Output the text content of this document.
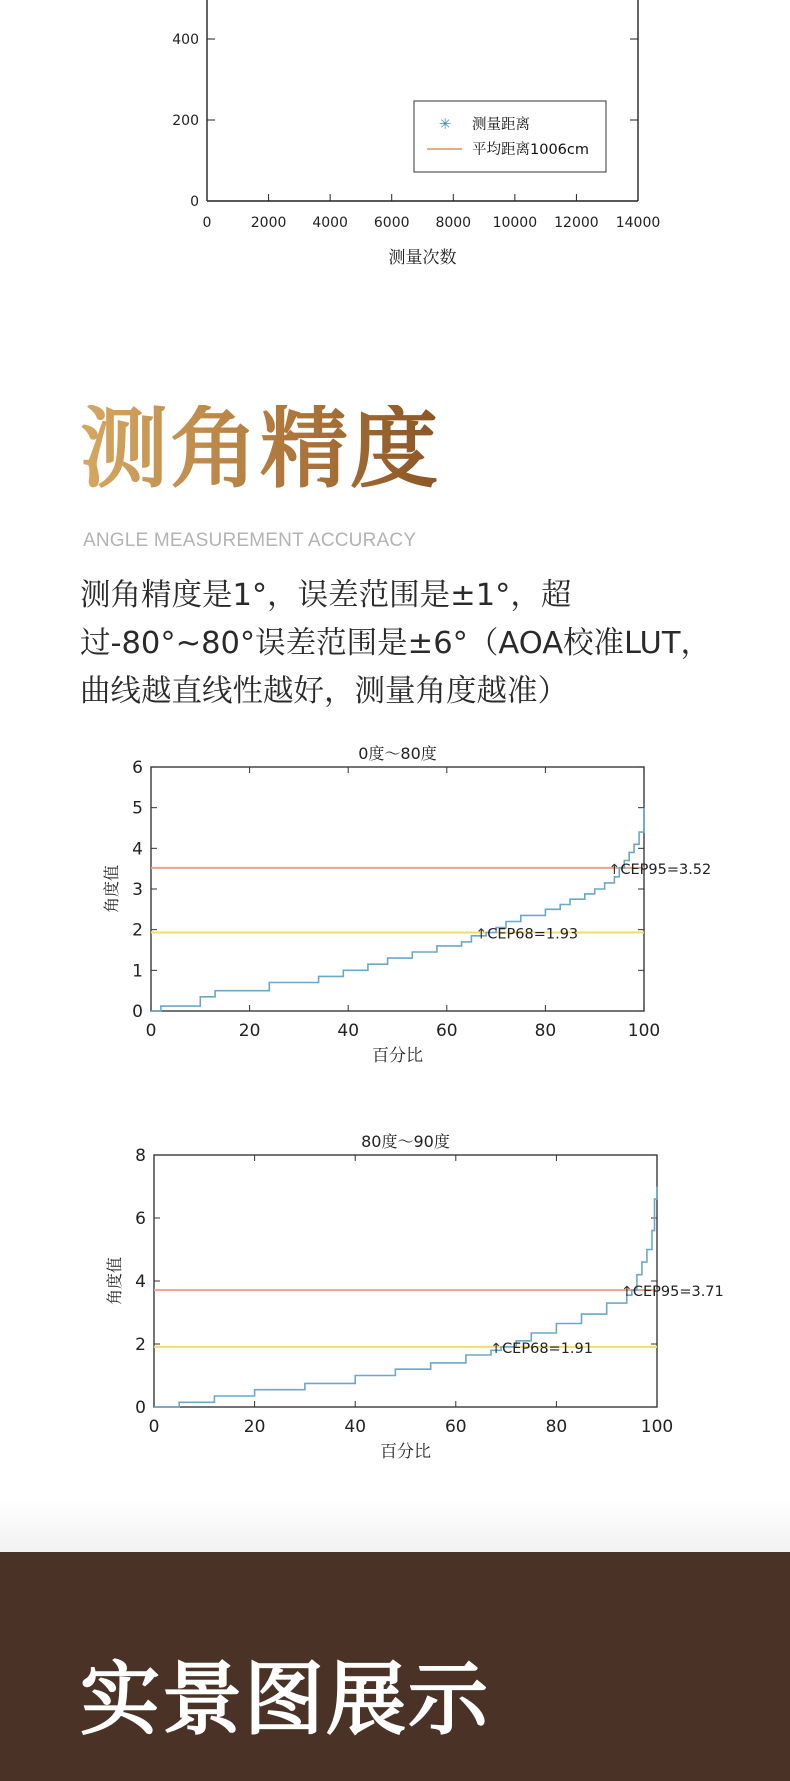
0	2000 4000 6000 8000 10000 12000 14000
0
200
400
测量次数
✳ 测量距离
平均距离1006cm
测角精度
ANGLE MEASUREMENT ACCURACY
测角精度是1°，误差范围是±1°，超过-80°~80°误差范围是±6°（AOA校准LUT，曲线越直线性越好，测量角度越准）
0度～80度
0	20	40	60	80	100
0
1
2
3
4
5
6
百分比
角度值	↑ CEP95=3.52
↑ CEP68=1.93
80度～90度
0	20	40	60	80	100
0
2
4
6
8
百分比
角度值	↑ CEP95=3.71
↑ CEP68=1.91
实景图展示
